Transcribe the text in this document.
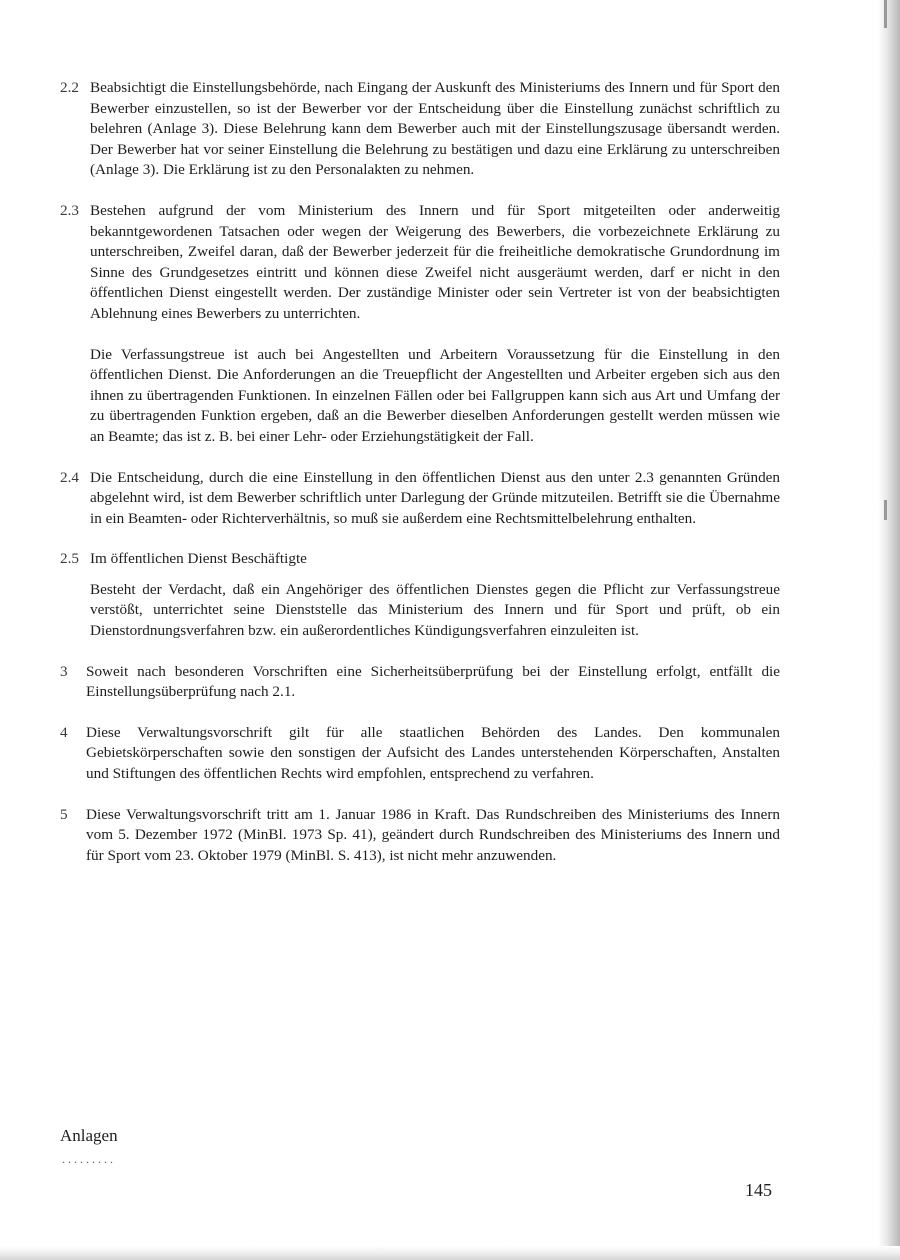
2.2 Beabsichtigt die Einstellungsbehörde, nach Eingang der Auskunft des Ministeriums des Innern und für Sport den Bewerber einzustellen, so ist der Bewerber vor der Entscheidung über die Einstellung zunächst schriftlich zu belehren (Anlage 3). Diese Belehrung kann dem Bewerber auch mit der Einstellungszusage übersandt werden. Der Bewerber hat vor seiner Einstellung die Belehrung zu bestätigen und dazu eine Erklärung zu unterschreiben (Anlage 3). Die Erklärung ist zu den Personalakten zu nehmen.
2.3 Bestehen aufgrund der vom Ministerium des Innern und für Sport mitgeteilten oder anderweitig bekanntgewordenen Tatsachen oder wegen der Weigerung des Bewerbers, die vorbezeichnete Erklärung zu unterschreiben, Zweifel daran, daß der Bewerber jederzeit für die freiheitliche demokratische Grundordnung im Sinne des Grundgesetzes eintritt und können diese Zweifel nicht ausgeräumt werden, darf er nicht in den öffentlichen Dienst eingestellt werden. Der zuständige Minister oder sein Vertreter ist von der beabsichtigten Ablehnung eines Bewerbers zu unterrichten.
Die Verfassungstreue ist auch bei Angestellten und Arbeitern Voraussetzung für die Einstellung in den öffentlichen Dienst. Die Anforderungen an die Treuepflicht der Angestellten und Arbeiter ergeben sich aus den ihnen zu übertragenden Funktionen. In einzelnen Fällen oder bei Fallgruppen kann sich aus Art und Umfang der zu übertragenden Funktion ergeben, daß an die Bewerber dieselben Anforderungen gestellt werden müssen wie an Beamte; das ist z. B. bei einer Lehr- oder Erziehungstätigkeit der Fall.
2.4 Die Entscheidung, durch die eine Einstellung in den öffentlichen Dienst aus den unter 2.3 genannten Gründen abgelehnt wird, ist dem Bewerber schriftlich unter Darlegung der Gründe mitzuteilen. Betrifft sie die Übernahme in ein Beamten- oder Richterverhältnis, so muß sie außerdem eine Rechtsmittelbelehrung enthalten.
2.5 Im öffentlichen Dienst Beschäftigte
Besteht der Verdacht, daß ein Angehöriger des öffentlichen Dienstes gegen die Pflicht zur Verfassungstreue verstößt, unterrichtet seine Dienststelle das Ministerium des Innern und für Sport und prüft, ob ein Dienstordnungsverfahren bzw. ein außerordentliches Kündigungsverfahren einzuleiten ist.
3	Soweit nach besonderen Vorschriften eine Sicherheitsüberprüfung bei der Einstellung erfolgt, entfällt die Einstellungsüberprüfung nach 2.1.
4	Diese Verwaltungsvorschrift gilt für alle staatlichen Behörden des Landes. Den kommunalen Gebietskörperschaften sowie den sonstigen der Aufsicht des Landes unterstehenden Körperschaften, Anstalten und Stiftungen des öffentlichen Rechts wird empfohlen, entsprechend zu verfahren.
5	Diese Verwaltungsvorschrift tritt am 1. Januar 1986 in Kraft. Das Rundschreiben des Ministeriums des Innern vom 5. Dezember 1972 (MinBl. 1973 Sp. 41), geändert durch Rundschreiben des Ministeriums des Innern und für Sport vom 23. Oktober 1979 (MinBl. S. 413), ist nicht mehr anzuwenden.
Anlagen
.........
145
